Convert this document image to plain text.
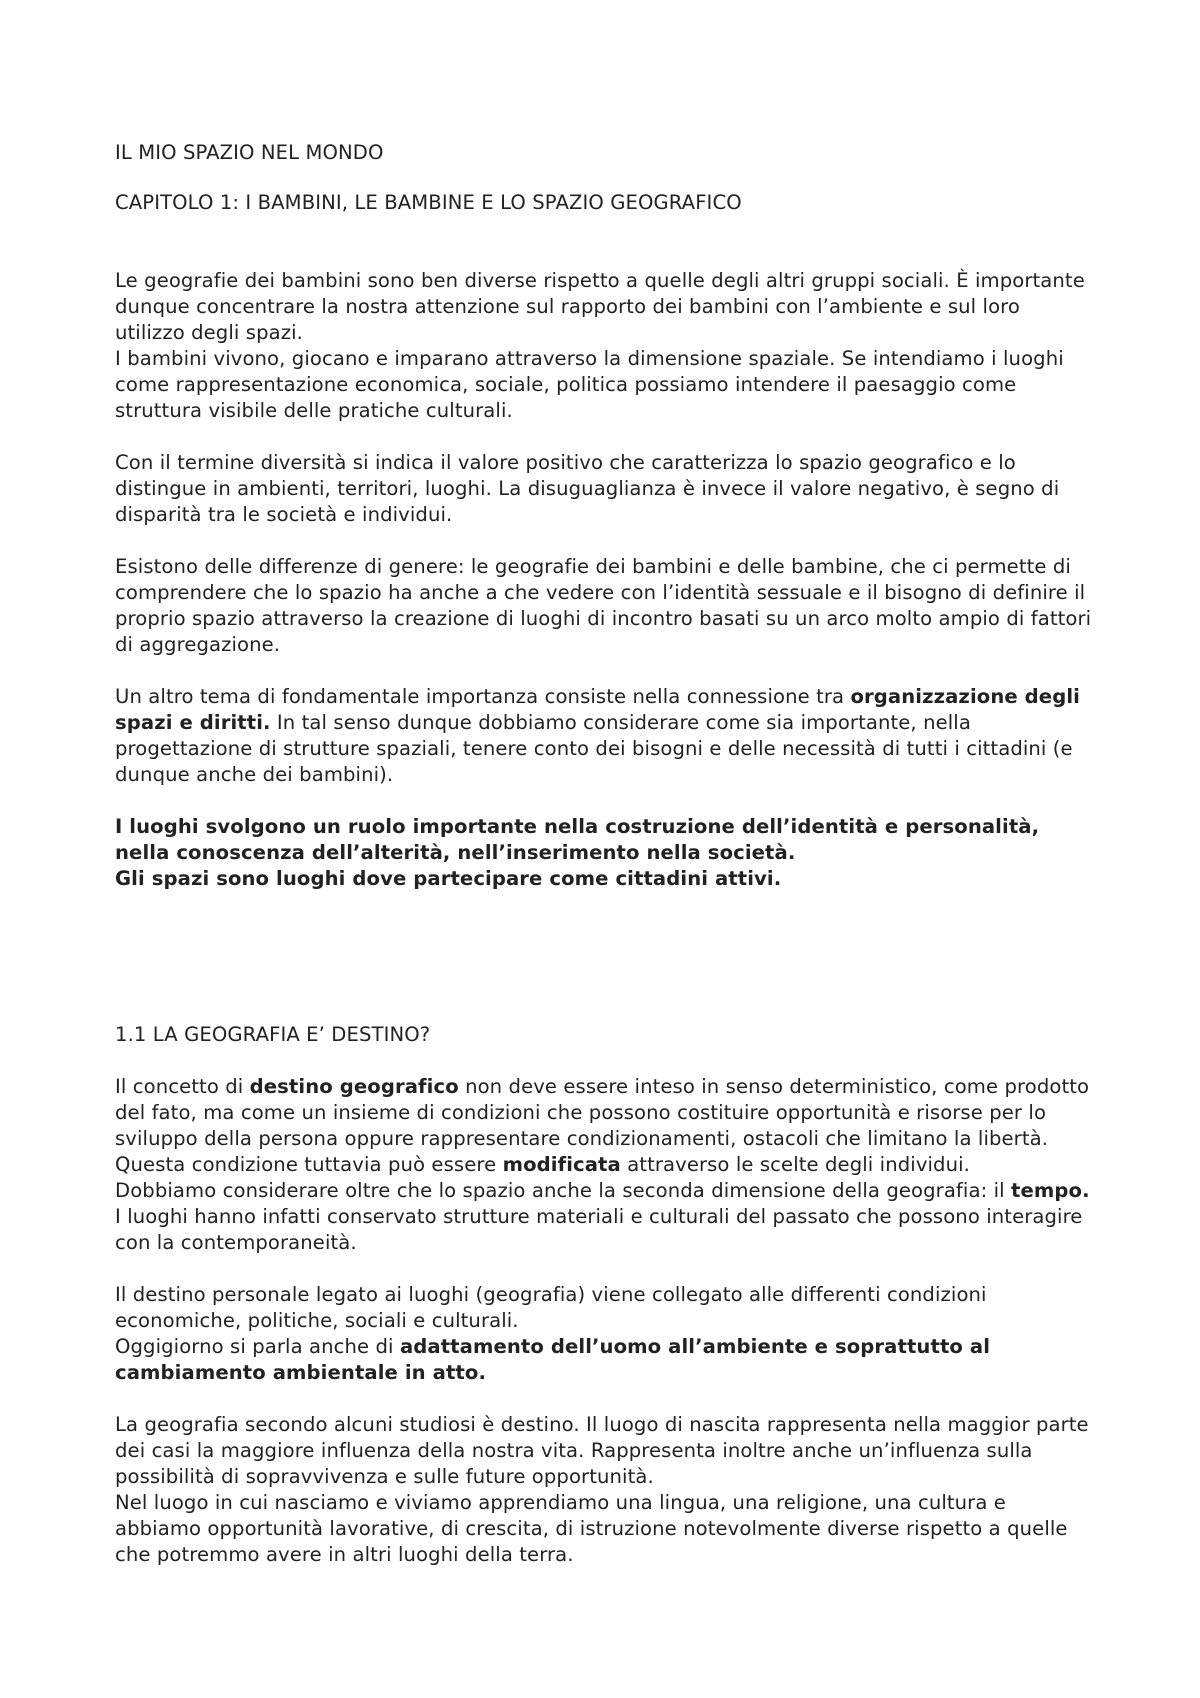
IL MIO SPAZIO NEL MONDO
CAPITOLO 1: I BAMBINI, LE BAMBINE E LO SPAZIO GEOGRAFICO

Le geografie dei bambini sono ben diverse rispetto a quelle degli altri gruppi sociali. È importante dunque concentrare la nostra attenzione sul rapporto dei bambini con l’ambiente e sul loro utilizzo degli spazi.
I bambini vivono, giocano e imparano attraverso la dimensione spaziale. Se intendiamo i luoghi come rappresentazione economica, sociale, politica possiamo intendere il paesaggio come struttura visibile delle pratiche culturali.

Con il termine diversità si indica il valore positivo che caratterizza lo spazio geografico e lo distingue in ambienti, territori, luoghi. La disuguaglianza è invece il valore negativo, è segno di disparità tra le società e individui.

Esistono delle differenze di genere: le geografie dei bambini e delle bambine, che ci permette di comprendere che lo spazio ha anche a che vedere con l’identità sessuale e il bisogno di definire il proprio spazio attraverso la creazione di luoghi di incontro basati su un arco molto ampio di fattori di aggregazione.

Un altro tema di fondamentale importanza consiste nella connessione tra organizzazione degli spazi e diritti. In tal senso dunque dobbiamo considerare come sia importante, nella progettazione di strutture spaziali, tenere conto dei bisogni e delle necessità di tutti i cittadini (e dunque anche dei bambini).

I luoghi svolgono un ruolo importante nella costruzione dell’identità e personalità, nella conoscenza dell’alterità, nell’inserimento nella società.
Gli spazi sono luoghi dove partecipare come cittadini attivi.

1.1 LA GEOGRAFIA E’ DESTINO?

Il concetto di destino geografico non deve essere inteso in senso deterministico, come prodotto del fato, ma come un insieme di condizioni che possono costituire opportunità e risorse per lo sviluppo della persona oppure rappresentare condizionamenti, ostacoli che limitano la libertà.
Questa condizione tuttavia può essere modificata attraverso le scelte degli individui.
Dobbiamo considerare oltre che lo spazio anche la seconda dimensione della geografia: il tempo. I luoghi hanno infatti conservato strutture materiali e culturali del passato che possono interagire con la contemporaneità.

Il destino personale legato ai luoghi (geografia) viene collegato alle differenti condizioni economiche, politiche, sociali e culturali.
Oggigiorno si parla anche di adattamento dell’uomo all’ambiente e soprattutto al cambiamento ambientale in atto.

La geografia secondo alcuni studiosi è destino. Il luogo di nascita rappresenta nella maggior parte dei casi la maggiore influenza della nostra vita. Rappresenta inoltre anche un’influenza sulla possibilità di sopravvivenza e sulle future opportunità.
Nel luogo in cui nasciamo e viviamo apprendiamo una lingua, una religione, una cultura e abbiamo opportunità lavorative, di crescita, di istruzione notevolmente diverse rispetto a quelle che potremmo avere in altri luoghi della terra.
